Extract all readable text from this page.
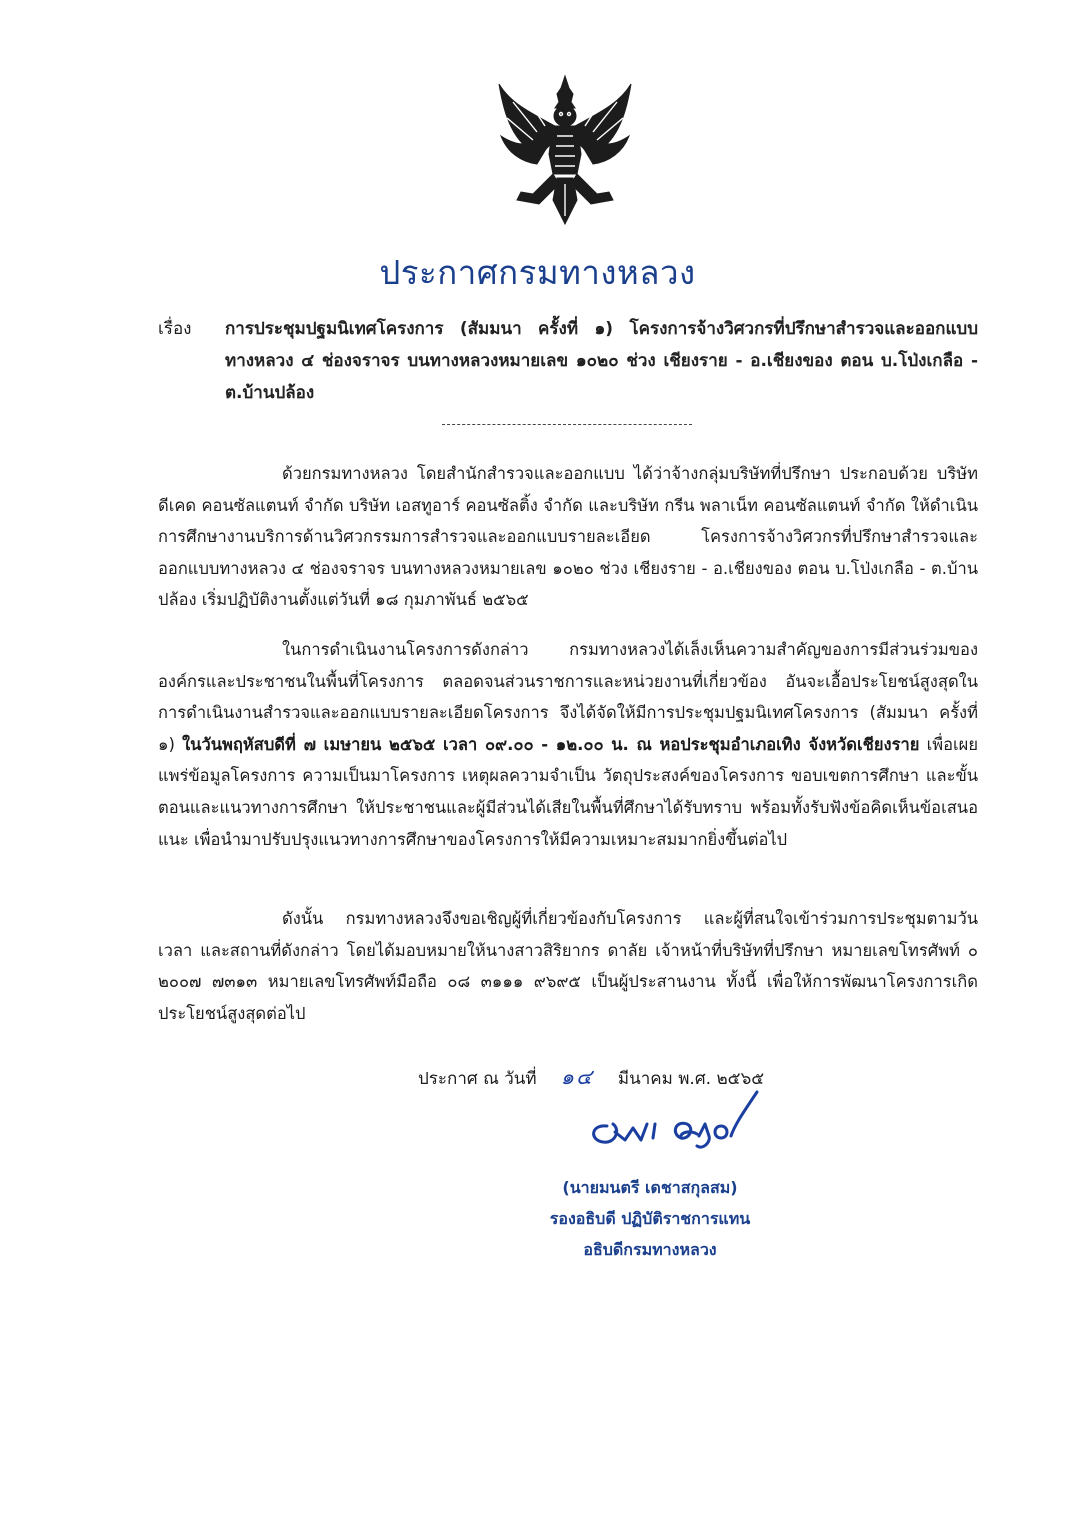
ประกาศกรมทางหลวง
เรื่อง การประชุมปฐมนิเทศโครงการ (สัมมนา ครั้งที่ ๑) โครงการจ้างวิศวกรที่ปรึกษาสำรวจและออกแบบทางหลวง ๔ ช่องจราจร บนทางหลวงหมายเลข ๑๐๒๐ ช่วง เชียงราย - อ.เชียงของ ตอน บ.โป่งเกลือ - ต.บ้านปล้อง
ด้วยกรมทางหลวง โดยสำนักสำรวจและออกแบบ ได้ว่าจ้างกลุ่มบริษัทที่ปรึกษา ประกอบด้วย บริษัท ดีเคด คอนซัลแตนท์ จำกัด บริษัท เอสทูอาร์ คอนซัลติ้ง จำกัด และบริษัท กรีน พลาเน็ท คอนซัลแตนท์ จำกัด ให้ดำเนินการศึกษางานบริการด้านวิศวกรรมการสำรวจและออกแบบรายละเอียด โครงการจ้างวิศวกรที่ปรึกษาสำรวจและออกแบบทางหลวง ๔ ช่องจราจร บนทางหลวงหมายเลข ๑๐๒๐ ช่วง เชียงราย - อ.เชียงของ ตอน บ.โป่งเกลือ - ต.บ้านปล้อง เริ่มปฏิบัติงานตั้งแต่วันที่ ๑๘ กุมภาพันธ์ ๒๕๖๕
ในการดำเนินงานโครงการดังกล่าว กรมทางหลวงได้เล็งเห็นความสำคัญของการมีส่วนร่วมขององค์กรและประชาชนในพื้นที่โครงการ ตลอดจนส่วนราชการและหน่วยงานที่เกี่ยวข้อง อันจะเอื้อประโยชน์สูงสุดในการดำเนินงานสำรวจและออกแบบรายละเอียดโครงการ จึงได้จัดให้มีการประชุมปฐมนิเทศโครงการ (สัมมนา ครั้งที่ ๑) ในวันพฤหัสบดีที่ ๗ เมษายน ๒๕๖๕ เวลา ๐๙.๐๐ - ๑๒.๐๐ น. ณ หอประชุมอำเภอเทิง จังหวัดเชียงราย เพื่อเผยแพร่ข้อมูลโครงการ ความเป็นมาโครงการ เหตุผลความจำเป็น วัตถุประสงค์ของโครงการ ขอบเขตการศึกษา และขั้นตอนและแนวทางการศึกษา ให้ประชาชนและผู้มีส่วนได้เสียในพื้นที่ศึกษาได้รับทราบ พร้อมทั้งรับฟังข้อคิดเห็นข้อเสนอแนะ เพื่อนำมาปรับปรุงแนวทางการศึกษาของโครงการให้มีความเหมาะสมมากยิ่งขึ้นต่อไป
ดังนั้น กรมทางหลวงจึงขอเชิญผู้ที่เกี่ยวข้องกับโครงการ และผู้ที่สนใจเข้าร่วมการประชุมตามวัน เวลา และสถานที่ดังกล่าว โดยได้มอบหมายให้นางสาวสิริยากร ดาลัย เจ้าหน้าที่บริษัทที่ปรึกษา หมายเลขโทรศัพท์ ๐ ๒๐๐๗ ๗๓๑๓ หมายเลขโทรศัพท์มือถือ ๐๘ ๓๑๑๑ ๙๖๙๕ เป็นผู้ประสานงาน ทั้งนี้ เพื่อให้การพัฒนาโครงการเกิดประโยชน์สูงสุดต่อไป
ประกาศ ณ วันที่ ๑๔ มีนาคม พ.ศ. ๒๕๖๕
(นายมนตรี เดชาสกุลสม)
รองอธิบดี ปฏิบัติราชการแทน
อธิบดีกรมทางหลวง
